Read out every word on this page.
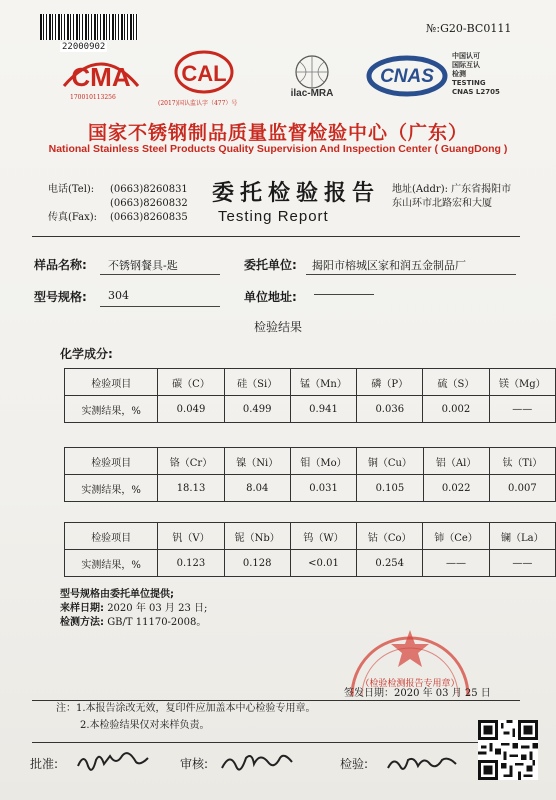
№:G20-BC0111
22000902
CMA
170010113256
CAL
(2017)国认监认字（477）号
ilac-MRA
CNAS
中国认可
国际互认
检测
TESTING
CNAS L2705
国家不锈钢制品质量监督检验中心（广东）
National Stainless Steel Products Quality Supervision And Inspection Center ( GuangDong )
电话(Tel): (0663)8260831
(0663)8260832
传真(Fax): (0663)8260835
委托检验报告
Testing Report
地址(Addr): 广东省揭阳市
东山环市北路宏和大厦
样品名称: 不锈钢餐具-匙	委托单位: 揭阳市榕城区家和润五金制品厂
型号规格: 304	单位地址:
检验结果
化学成分:
检验项目	碳（C）	硅（Si）	锰（Mn）	磷（P）	硫（S）	镁（Mg）
实测结果，%	0.049	0.499	0.941	0.036	0.002	——
检验项目	铬（Cr）	镍（Ni）	钼（Mo）	铜（Cu）	铝（Al）	钛（Ti）
实测结果，%	18.13	8.04	0.031	0.105	0.022	0.007
检验项目	钒（V）	铌（Nb）	钨（W）	钴（Co）	铈（Ce）	镧（La）
实测结果，%	0.123	0.128	<0.01	0.254	——	——
型号规格由委托单位提供;
来样日期: 2020 年 03 月 23 日;
检测方法: GB/T 11170-2008。
（检验检测报告专用章）
签发日期：2020 年 03 月 25 日
注：1.本报告涂改无效，复印件应加盖本中心检验专用章。
2.本检验结果仅对来样负责。
批准:	审核:	检验:
